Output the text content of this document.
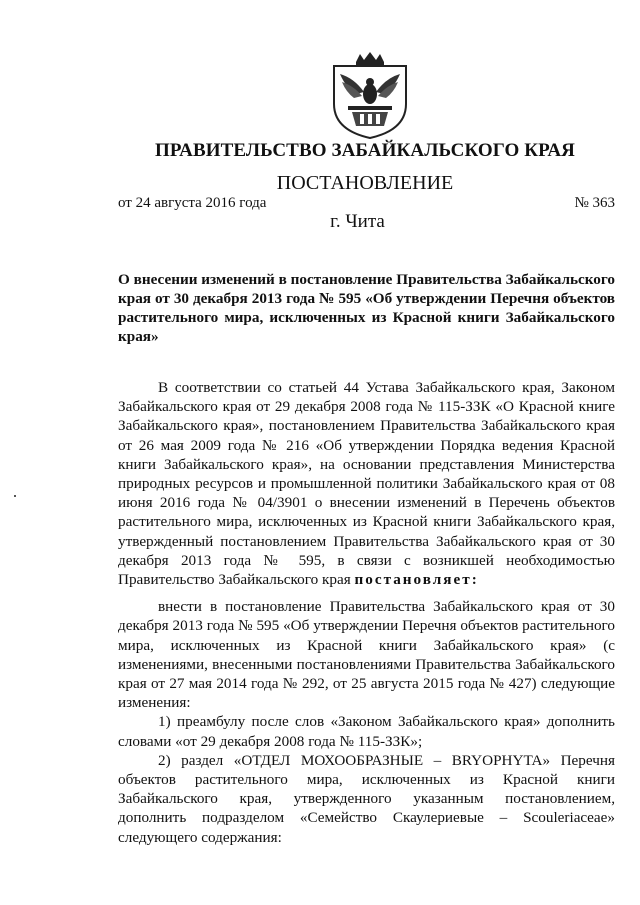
ПРАВИТЕЛЬСТВО ЗАБАЙКАЛЬСКОГО КРАЯ
ПОСТАНОВЛЕНИЕ
от 24 августа 2016 года	№ 363
г. Чита
О внесении изменений в постановление Правительства Забайкальского края от 30 декабря 2013 года № 595 «Об утверждении Перечня объектов растительного мира, исключенных из Красной книги Забайкальского края»

В соответствии со статьей 44 Устава Забайкальского края, Законом Забайкальского края от 29 декабря 2008 года № 115-ЗЗК «О Красной книге Забайкальского края», постановлением Правительства Забайкальского края от 26 мая 2009 года № 216 «Об утверждении Порядка ведения Красной книги Забайкальского края», на основании представления Министерства природных ресурсов и промышленной политики Забайкальского края от 08 июня 2016 года № 04/3901 о внесении изменений в Перечень объектов растительного мира, исключенных из Красной книги Забайкальского края, утвержденный постановлением Правительства Забайкальского края от 30 декабря 2013 года № 595, в связи с возникшей необходимостью Правительство Забайкальского края постановляет:

внести в постановление Правительства Забайкальского края от 30 декабря 2013 года № 595 «Об утверждении Перечня объектов растительного мира, исключенных из Красной книги Забайкальского края» (с изменениями, внесенными постановлениями Правительства Забайкальского края от 27 мая 2014 года № 292, от 25 августа 2015 года № 427) следующие изменения:

1) преамбулу после слов «Законом Забайкальского края» дополнить словами «от 29 декабря 2008 года № 115-ЗЗК»;

2) раздел «ОТДЕЛ МОХООБРАЗНЫЕ – BRYOPHYTA» Перечня объектов растительного мира, исключенных из Красной книги Забайкальского края, утвержденного указанным постановлением, дополнить подразделом «Семейство Скаулериевые – Scouleriaceae» следующего содержания:
